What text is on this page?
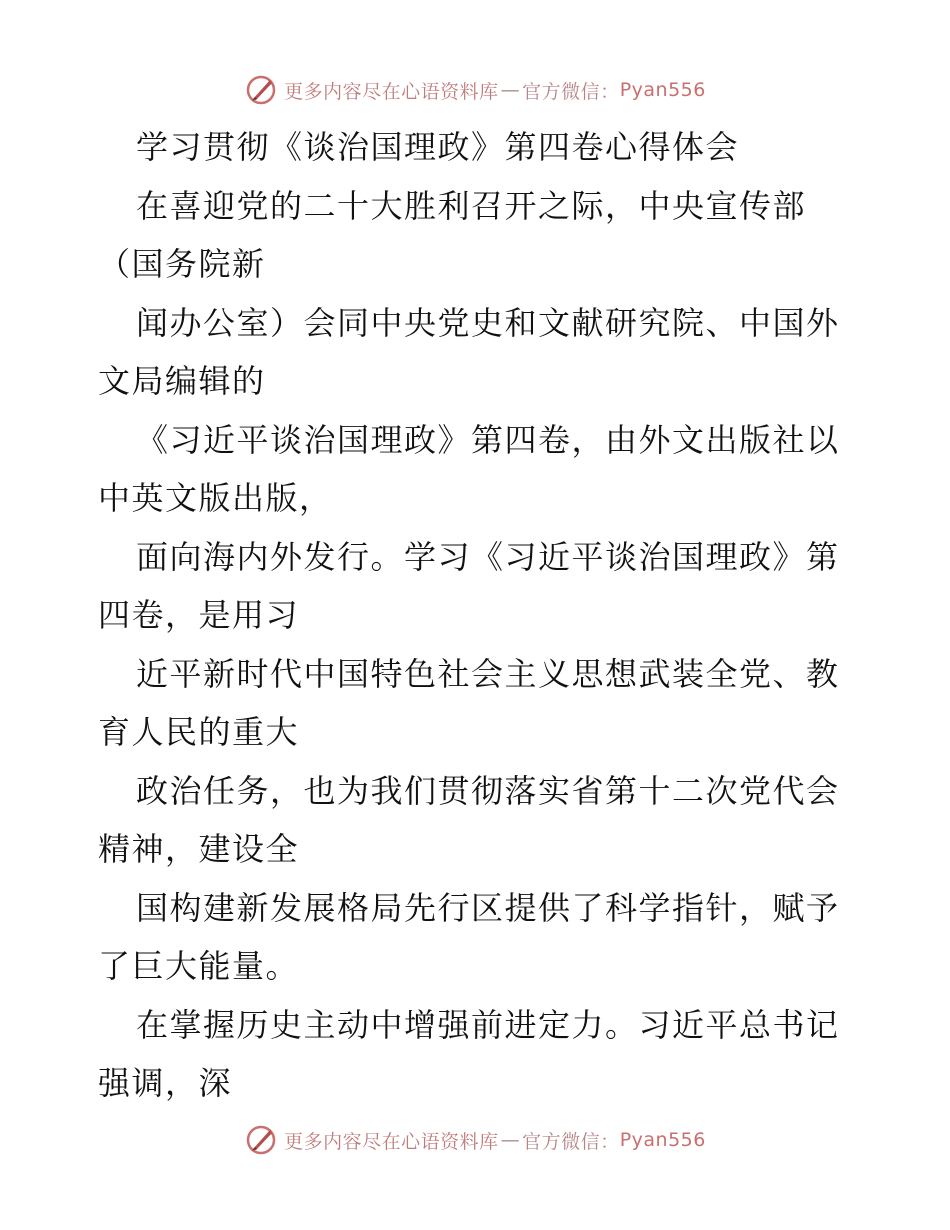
更多内容尽在心语资料库 — 官方微信： Pyan556
学习贯彻《谈治国理政》第四卷心得体会
在喜迎党的二十大胜利召开之际，中央宣传部
（国务院新
闻办公室）会同中央党史和文献研究院、中国外
文局编辑的
《习近平谈治国理政》第四卷，由外文出版社以
中英文版出版，
面向海内外发行。学习《习近平谈治国理政》第
四卷，是用习
近平新时代中国特色社会主义思想武装全党、教
育人民的重大
政治任务，也为我们贯彻落实省第十二次党代会
精神，建设全
国构建新发展格局先行区提供了科学指针，赋予
了巨大能量。
在掌握历史主动中增强前进定力。习近平总书记
强调，深
更多内容尽在心语资料库 — 官方微信： Pyan556
